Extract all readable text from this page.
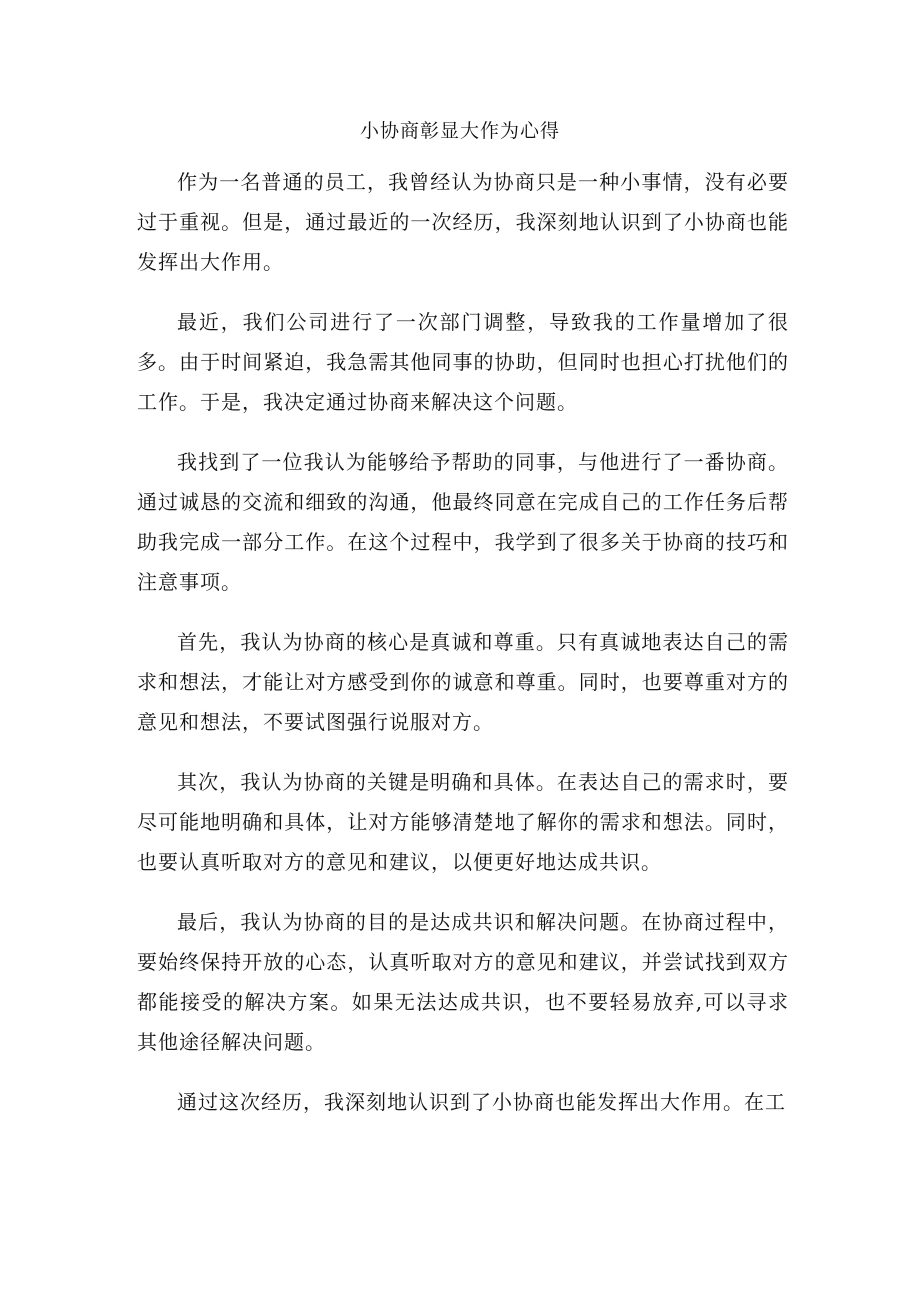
小协商彰显大作为心得

作为一名普通的员工，我曾经认为协商只是一种小事情，没有必要过于重视。但是，通过最近的一次经历，我深刻地认识到了小协商也能发挥出大作用。

最近，我们公司进行了一次部门调整，导致我的工作量增加了很多。由于时间紧迫，我急需其他同事的协助，但同时也担心打扰他们的工作。于是，我决定通过协商来解决这个问题。

我找到了一位我认为能够给予帮助的同事，与他进行了一番协商。通过诚恳的交流和细致的沟通，他最终同意在完成自己的工作任务后帮助我完成一部分工作。在这个过程中，我学到了很多关于协商的技巧和注意事项。

首先，我认为协商的核心是真诚和尊重。只有真诚地表达自己的需求和想法，才能让对方感受到你的诚意和尊重。同时，也要尊重对方的意见和想法，不要试图强行说服对方。

其次，我认为协商的关键是明确和具体。在表达自己的需求时，要尽可能地明确和具体，让对方能够清楚地了解你的需求和想法。同时，也要认真听取对方的意见和建议，以便更好地达成共识。

最后，我认为协商的目的是达成共识和解决问题。在协商过程中，要始终保持开放的心态，认真听取对方的意见和建议，并尝试找到双方都能接受的解决方案。如果无法达成共识，也不要轻易放弃,可以寻求其他途径解决问题。

通过这次经历，我深刻地认识到了小协商也能发挥出大作用。在工
